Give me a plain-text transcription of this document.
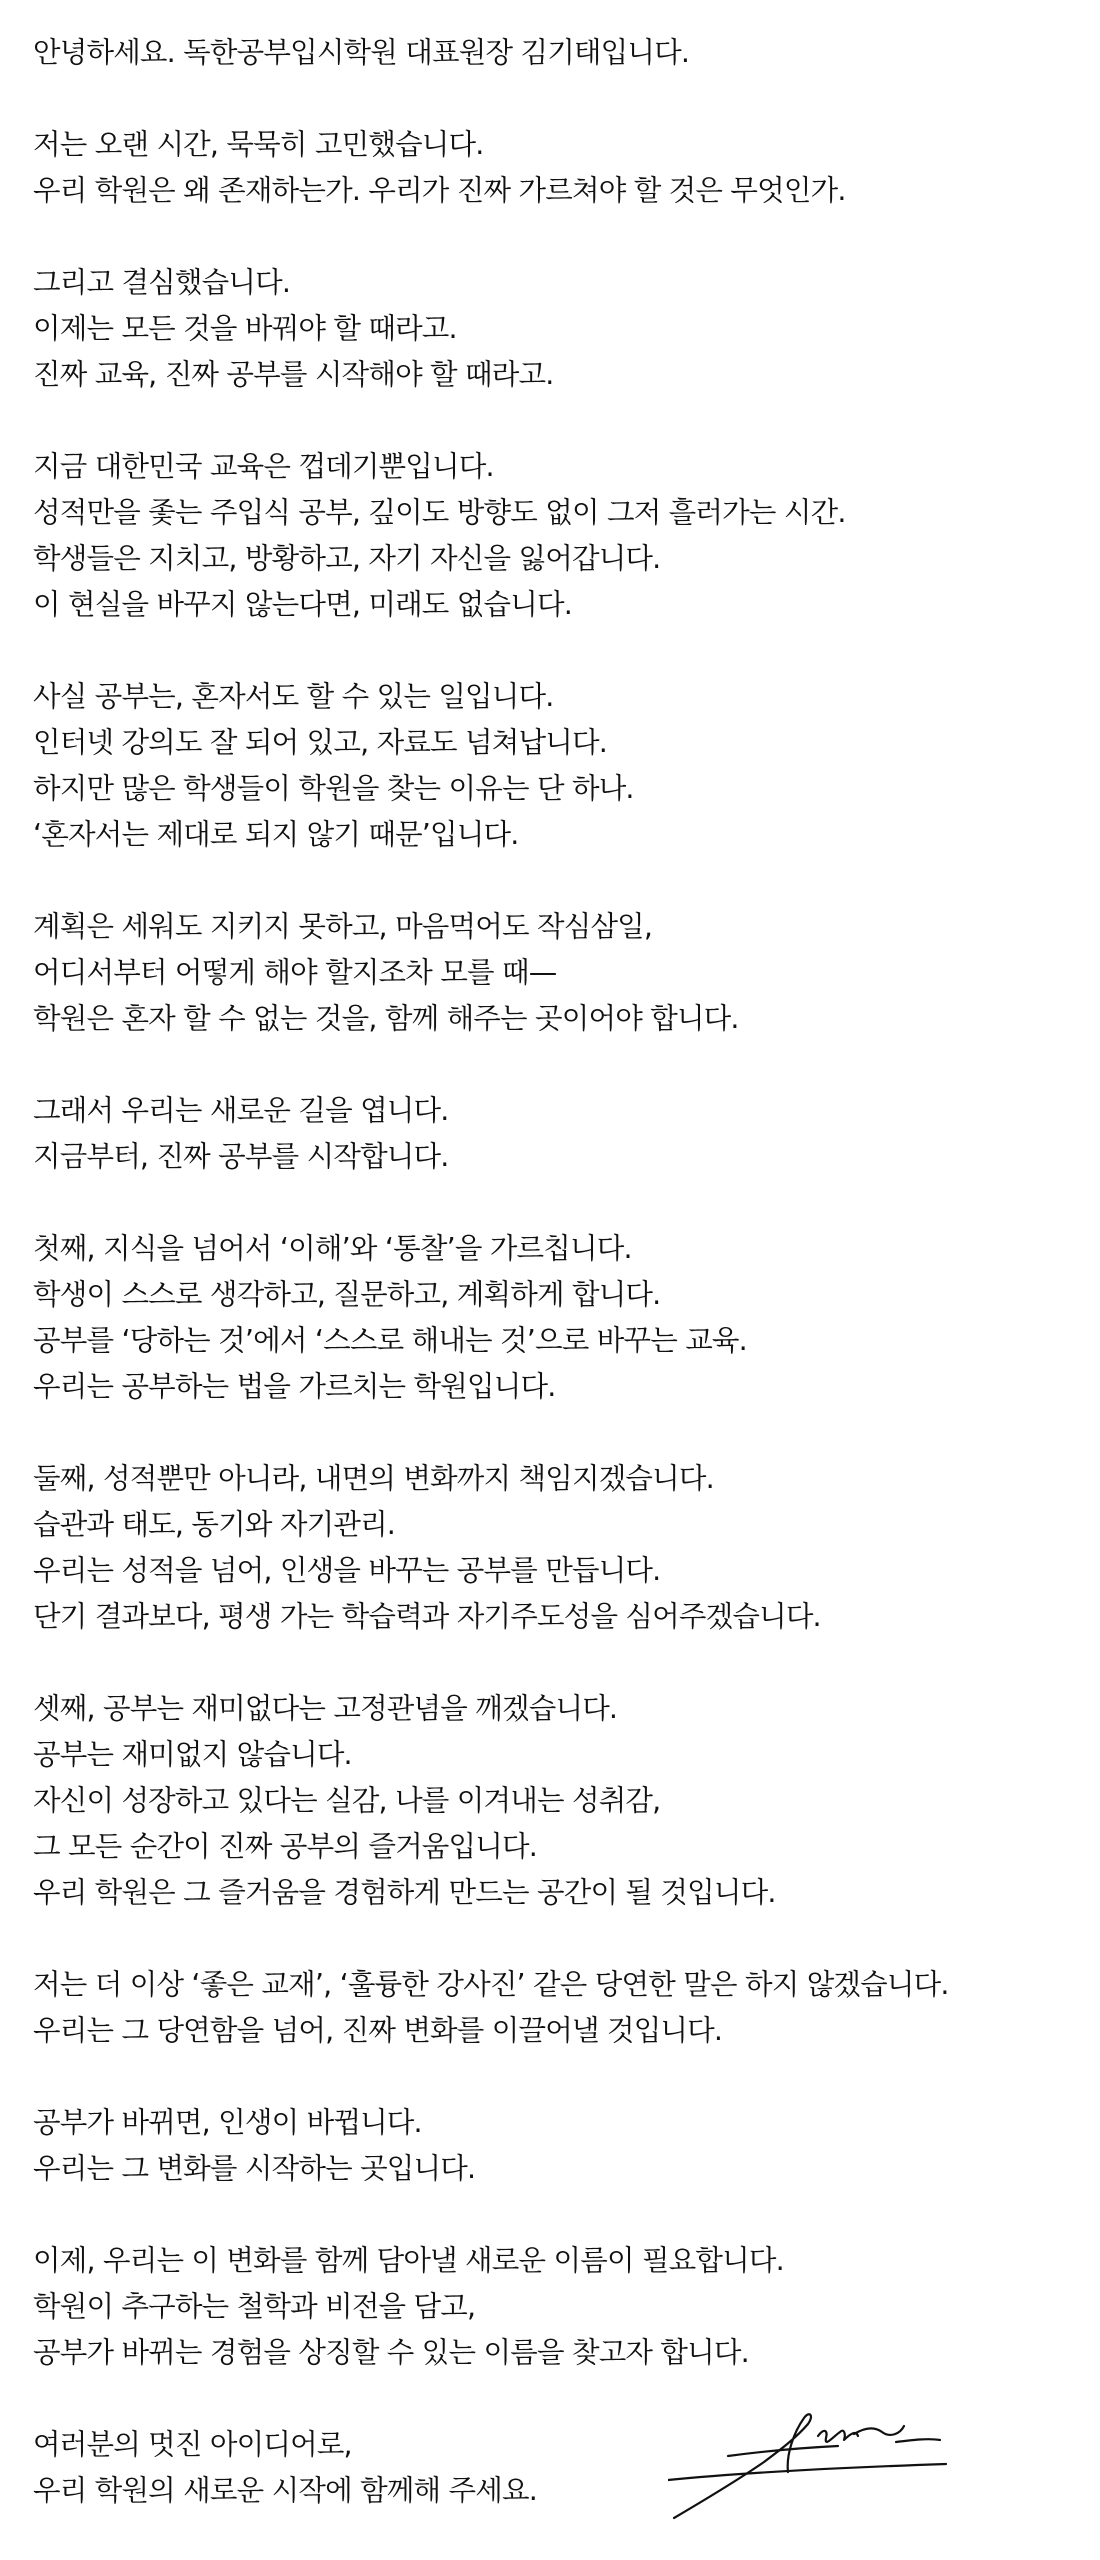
안녕하세요. 독한공부입시학원 대표원장 김기태입니다.
저는 오랜 시간, 묵묵히 고민했습니다.
우리 학원은 왜 존재하는가. 우리가 진짜 가르쳐야 할 것은 무엇인가.
그리고 결심했습니다.
이제는 모든 것을 바꿔야 할 때라고.
진짜 교육, 진짜 공부를 시작해야 할 때라고.
지금 대한민국 교육은 껍데기뿐입니다.
성적만을 좇는 주입식 공부, 깊이도 방향도 없이 그저 흘러가는 시간.
학생들은 지치고, 방황하고, 자기 자신을 잃어갑니다.
이 현실을 바꾸지 않는다면, 미래도 없습니다.
사실 공부는, 혼자서도 할 수 있는 일입니다.
인터넷 강의도 잘 되어 있고, 자료도 넘쳐납니다.
하지만 많은 학생들이 학원을 찾는 이유는 단 하나.
‘혼자서는 제대로 되지 않기 때문’입니다.
계획은 세워도 지키지 못하고, 마음먹어도 작심삼일,
어디서부터 어떻게 해야 할지조차 모를 때—
학원은 혼자 할 수 없는 것을, 함께 해주는 곳이어야 합니다.
그래서 우리는 새로운 길을 엽니다.
지금부터, 진짜 공부를 시작합니다.
첫째, 지식을 넘어서 ‘이해’와 ‘통찰’을 가르칩니다.
학생이 스스로 생각하고, 질문하고, 계획하게 합니다.
공부를 ‘당하는 것’에서 ‘스스로 해내는 것’으로 바꾸는 교육.
우리는 공부하는 법을 가르치는 학원입니다.
둘째, 성적뿐만 아니라, 내면의 변화까지 책임지겠습니다.
습관과 태도, 동기와 자기관리.
우리는 성적을 넘어, 인생을 바꾸는 공부를 만듭니다.
단기 결과보다, 평생 가는 학습력과 자기주도성을 심어주겠습니다.
셋째, 공부는 재미없다는 고정관념을 깨겠습니다.
공부는 재미없지 않습니다.
자신이 성장하고 있다는 실감, 나를 이겨내는 성취감,
그 모든 순간이 진짜 공부의 즐거움입니다.
우리 학원은 그 즐거움을 경험하게 만드는 공간이 될 것입니다.
저는 더 이상 ‘좋은 교재’, ‘훌륭한 강사진’ 같은 당연한 말은 하지 않겠습니다.
우리는 그 당연함을 넘어, 진짜 변화를 이끌어낼 것입니다.
공부가 바뀌면, 인생이 바뀝니다.
우리는 그 변화를 시작하는 곳입니다.
이제, 우리는 이 변화를 함께 담아낼 새로운 이름이 필요합니다.
학원이 추구하는 철학과 비전을 담고,
공부가 바뀌는 경험을 상징할 수 있는 이름을 찾고자 합니다.
여러분의 멋진 아이디어로,
우리 학원의 새로운 시작에 함께해 주세요.
